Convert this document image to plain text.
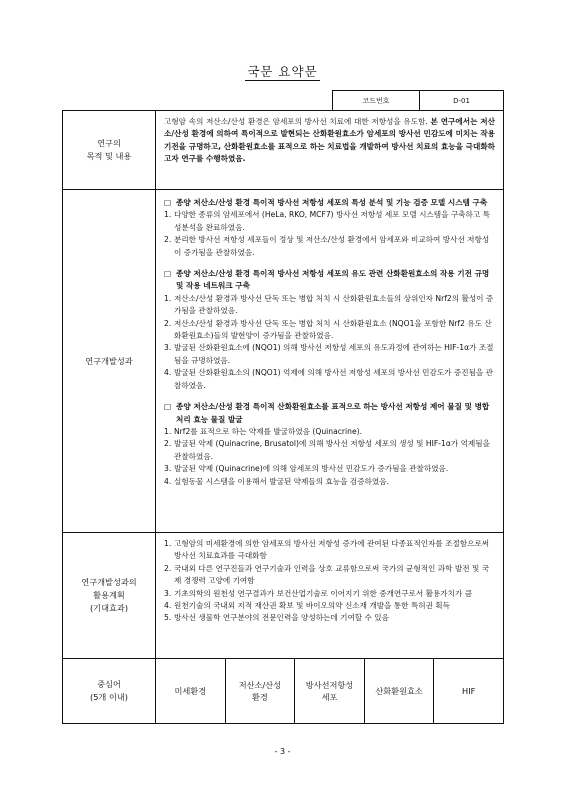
국문 요약문
코드번호	D-01
연구의
목적 및 내용
고형암 속의 저산소/산성 환경은 암세포의 방사선 치료에 대한 저항성을 유도함. 본 연구에서는 저산소/산성 환경에 의하여 특이적으로 발현되는 산화환원효소가 암세포의 방사선 민감도에 미치는 작용 기전을 규명하고, 산화환원효소를 표적으로 하는 치료법을 개발하여 방사선 치료의 효능을 극대화하고자 연구를 수행하였음.
연구개발성과
□ 종양 저산소/산성 환경 특이적 방사선 저항성 세포의 특성 분석 및 기능 검증 모델 시스템 구축
1. 다양한 종류의 암세포에서 (HeLa, RKO, MCF7) 방사선 저항성 세포 모델 시스템을 구축하고 특성분석을 완료하였음.
2. 분리한 방사선 저항성 세포들이 정상 및 저산소/산성 환경에서 암세포와 비교하여 방사선 저항성이 증가됨을 관찰하였음.
□ 종양 저산소/산성 환경 특이적 방사선 저항성 세포의 유도 관련 산화환원효소의 작용 기전 규명 및 작용 네트워크 구축
1. 저산소/산성 환경과 방사선 단독 또는 병합 처치 시 산화환원효소들의 상위인자 Nrf2의 활성이 증가됨을 관찰하였음.
2. 저산소/산성 환경과 방사선 단독 또는 병합 처치 시 산화환원효소 (NQO1을 포함한 Nrf2 유도 산화환원효소)들의 발현양이 증가됨을 관찰하였음.
3. 발굴된 산화환원효소에 (NQO1) 의해 방사선 저항성 세포의 유도과정에 관여하는 HIF-1α가 조절됨을 규명하였음.
4. 발굴된 산화환원효소의 (NQO1) 억제에 의해 방사선 저항성 세포의 방사선 민감도가 증진됨을 관찰하였음.
□ 종양 저산소/산성 환경 특이적 산화환원효소를 표적으로 하는 방사선 저항성 제어 물질 및 병합처리 효능 물질 발굴
1. Nrf2를 표적으로 하는 약제를 발굴하였음 (Quinacrine).
2. 발굴된 약제 (Quinacrine, Brusatol)에 의해 방사선 저항성 세포의 생성 및 HIF-1α가 억제됨을 관찰하였음.
3. 발굴된 약제 (Quinacrine)에 의해 암세포의 방사선 민감도가 증가됨을 관찰하였음.
4. 실험동물 시스템을 이용해서 발굴된 약제들의 효능을 검증하였음.
연구개발성과의
활용계획
(기대효과)
1. 고형암의 미세환경에 의한 암세포의 방사선 저항성 증가에 관여된 다종표적인자를 조절함으로써 방사선 치료효과를 극대화함
2. 국내외 다른 연구진들과 연구기술과 인력을 상호 교류함으로써 국가의 균형적인 과학 발전 및 국제 경쟁력 고양에 기여함
3. 기초의학의 원천성 연구결과가 보건산업기술로 이어지기 위한 중개연구로서 활용가치가 큼
4. 원천기술의 국내외 지적 재산권 확보 및 바이오의약 신소재 개발을 통한 특허권 획득
5. 방사선 생물학 연구분야의 전문인력을 양성하는데 기여할 수 있음
중심어
(5개 이내)
미세환경
저산소/산성
환경
방사선저항성
세포
산화환원효소	HIF
- 3 -
